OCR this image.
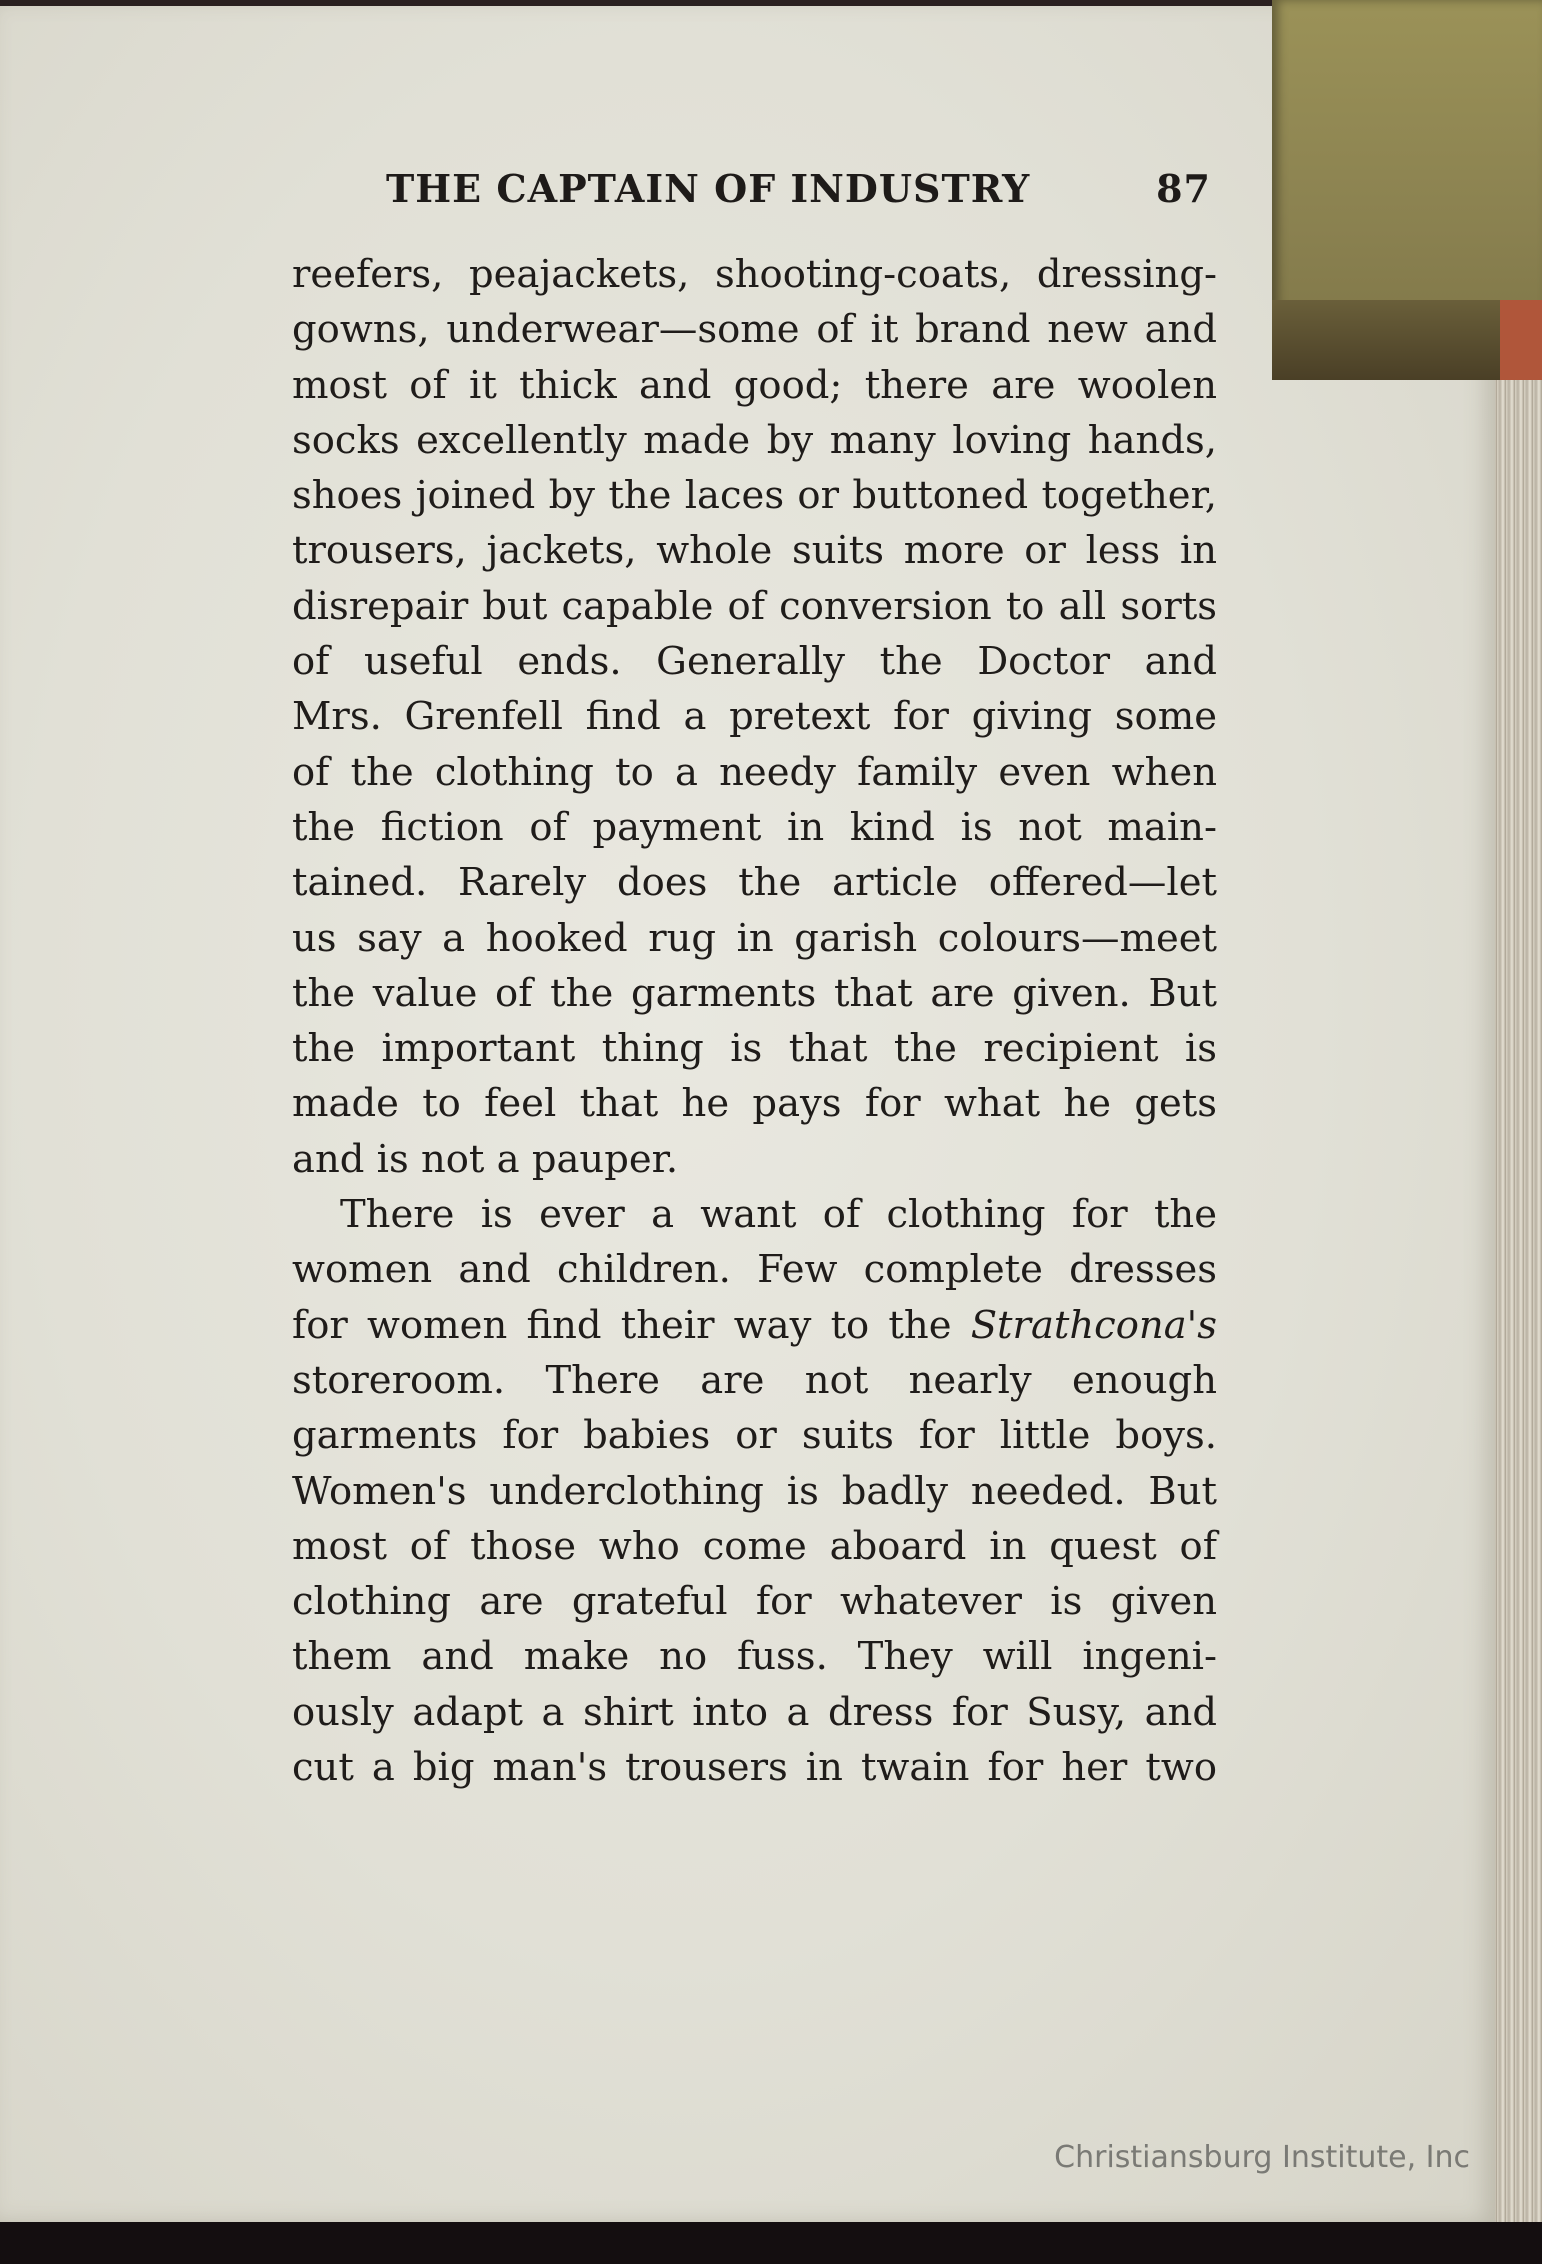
THE CAPTAIN OF INDUSTRY	87
reefers, peajackets, shooting-coats, dressing-
gowns, underwear—some of it brand new and
most of it thick and good; there are woolen
socks excellently made by many loving hands,
shoes joined by the laces or buttoned together,
trousers, jackets, whole suits more or less in
disrepair but capable of conversion to all sorts
of useful ends. Generally the Doctor and
Mrs. Grenfell find a pretext for giving some
of the clothing to a needy family even when
the fiction of payment in kind is not main-
tained. Rarely does the article offered—let
us say a hooked rug in garish colours—meet
the value of the garments that are given. But
the important thing is that the recipient is
made to feel that he pays for what he gets
and is not a pauper.
There is ever a want of clothing for the
women and children. Few complete dresses
for women find their way to the Strathcona's
storeroom. There are not nearly enough
garments for babies or suits for little boys.
Women's underclothing is badly needed. But
most of those who come aboard in quest of
clothing are grateful for whatever is given
them and make no fuss. They will ingeni-
ously adapt a shirt into a dress for Susy, and
cut a big man's trousers in twain for her two
Christiansburg Institute, Inc
